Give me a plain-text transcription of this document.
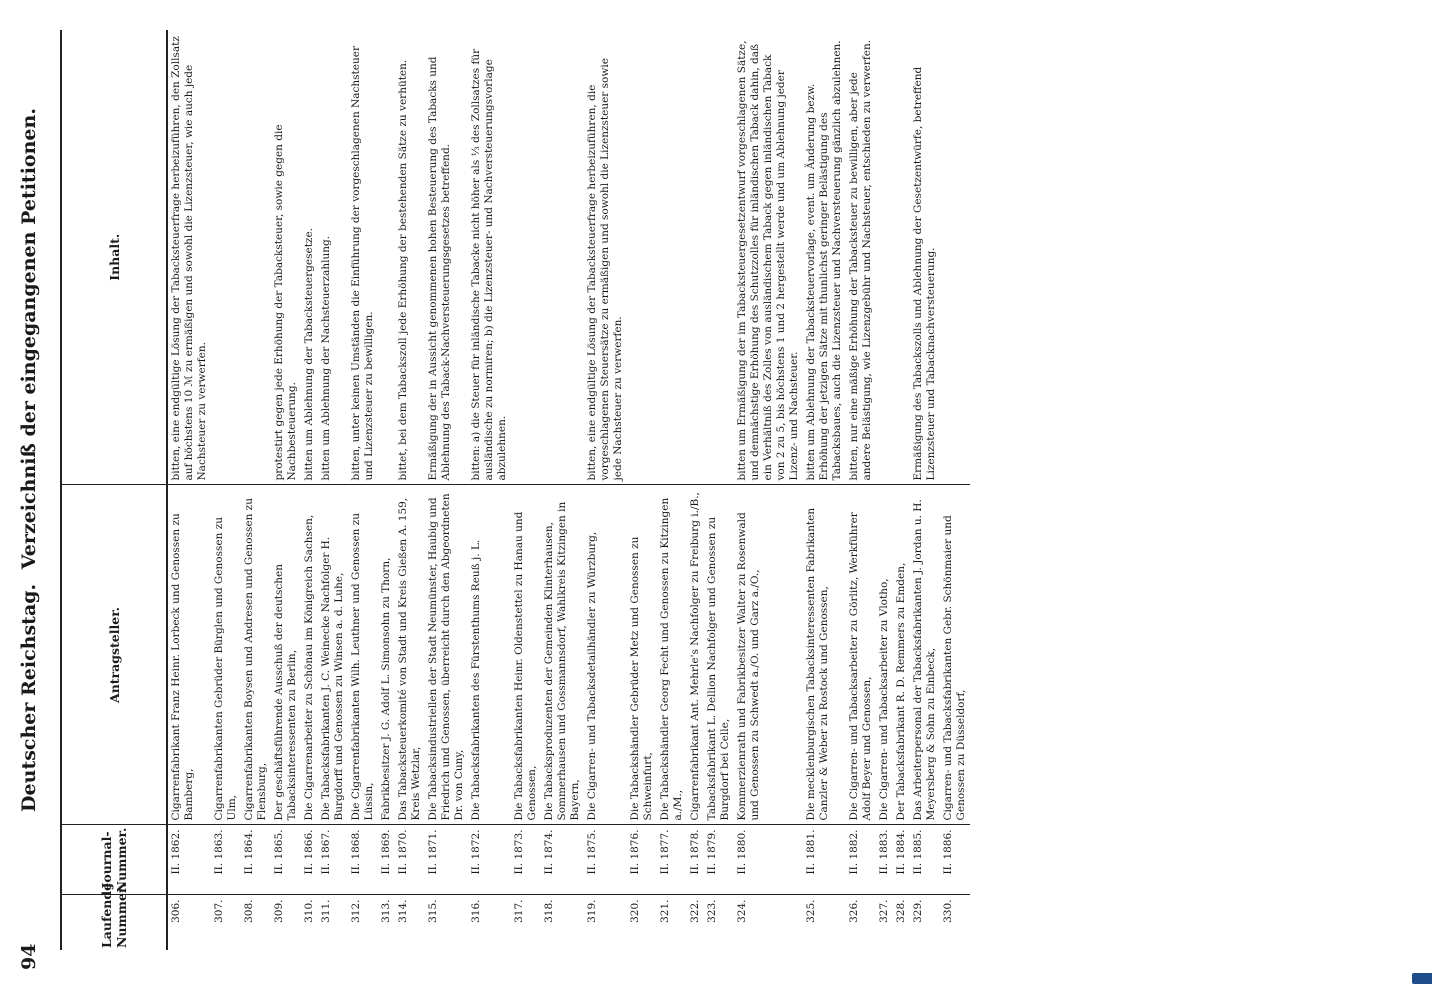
94
Deutscher Reichstag. Verzeichniß der eingegangenen Petitionen.
Laufende Nummer.	Journal-Nummer.	Antragsteller.	Inhalt.
306.	II. 1862.	Cigarrenfabrikant Franz Heinr. Lorbeck und Genossen zu Bamberg,	bitten, eine endgültige Lösung der Tabacksteuerfrage herbeizuführen, den Zollsatz auf höchstens 10 ℳ zu ermäßigen und sowohl die Lizenzsteuer, wie auch jede Nachsteuer zu verwerfen.
307.	II. 1863.	Cigarrenfabrikanten Gebrüder Bürglen und Genossen zu Ulm,	
308.	II. 1864.	Cigarrenfabrikanten Boysen und Andresen und Genossen zu Flensburg,	
309.	II. 1865.	Der geschäftsführende Ausschuß der deutschen Tabacksinteressenten zu Berlin,	protestirt gegen jede Erhöhung der Tabacksteuer, sowie gegen die Nachbesteuerung.
310.	II. 1866.	Die Cigarrenarbeiter zu Schönau im Königreich Sachsen,	bitten um Ablehnung der Tabacksteuergesetze.
311.	II. 1867.	Die Tabacksfabrikanten J. C. Weinecke Nachfolger H. Burgdorff und Genossen zu Winsen a. d. Luhe,	bitten um Ablehnung der Nachsteuerzahlung.
312.	II. 1868.	Die Cigarrenfabrikanten Wilh. Leuthner und Genossen zu Lüssin,	bitten, unter keinen Umständen die Einführung der vorgeschlagenen Nachsteuer und Lizenzsteuer zu bewilligen.
313.	II. 1869.	Fabrikbesitzer J. G. Adolf L. Simonsohn zu Thorn,	
314.	II. 1870.	Das Tabacksteuerkomité von Stadt und Kreis Gießen A. 159, Kreis Wetzlar,	bittet, bei dem Tabackszoll jede Erhöhung der bestehenden Sätze zu verhüten.
315.	II. 1871.	Die Tabacksindustriellen der Stadt Neumünster, Haubig und Friedrich und Genossen, überreicht durch den Abgeordneten Dr. von Cuny,	Ermäßigung der in Aussicht genommenen hohen Besteuerung des Tabacks und Ablehnung des Taback-Nachversteuerungsgesetzes betreffend.
316.	II. 1872.	Die Tabacksfabrikanten des Fürstenthums Reuß j. L.	bitten: a) die Steuer für inländische Tabacke nicht höher als ⅓ des Zollsatzes für ausländische zu normiren; b) die Lizenzsteuer- und Nachversteuerungsvorlage abzulehnen.
317.	II. 1873.	Die Tabacksfabrikanten Heinr. Oldenstettel zu Hanau und Genossen,	
318.	II. 1874.	Die Tabacksproduzenten der Gemeinden Klinterhausen, Sommerhausen und Gossmannsdorf, Wahlkreis Kitzingen in Bayern,	
319.	II. 1875.	Die Cigarren- und Tabacksdetailhändler zu Würzburg,	bitten, eine endgültige Lösung der Tabacksteuerfrage herbeizuführen, die vorgeschlagenen Steuersätze zu ermäßigen und sowohl die Lizenzsteuer sowie jede Nachsteuer zu verwerfen.
320.	II. 1876.	Die Tabackshändler Gebrüder Metz und Genossen zu Schweinfurt,	
321.	II. 1877.	Die Tabackshändler Georg Fecht und Genossen zu Kitzingen a./M.,	
322.	II. 1878.	Cigarrenfabrikant Ant. Mehrle's Nachfolger zu Freiburg i./B.,	
323.	II. 1879.	Tabacksfabrikant L. Dellion Nachfolger und Genossen zu Burgdorf bei Celle,	
324.	II. 1880.	Kommerzienrath und Fabrikbesitzer Walter zu Rosenwald und Genossen zu Schwedt a./O. und Garz a./O.,	bitten um Ermäßigung der im Tabacksteuergesetzentwurf vorgeschlagenen Sätze, und demnächstige Erhöhung des Schutzzolles für inländischen Taback dahin, daß ein Verhältniß des Zolles von ausländischem Taback gegen inländischen Taback von 2 zu 5, bis höchstens 1 und 2 hergestellt werde und um Ablehnung jeder Lizenz- und Nachsteuer.
325.	II. 1881.	Die mecklenburgischen Tabacksinteressenten Fabrikanten Canzler & Weber zu Rostock und Genossen,	bitten um Ablehnung der Tabacksteuervorlage, event. um Änderung bezw. Erhöhung der jetzigen Sätze mit thunlichst geringer Belästigung des Tabacksbaues, auch die Lizenzsteuer und Nachversteuerung gänzlich abzulehnen.
326.	II. 1882.	Die Cigarren- und Tabacksarbeiter zu Görlitz, Werkführer Adolf Beyer und Genossen,	bitten, nur eine mäßige Erhöhung der Tabacksteuer zu bewilligen, aber jede andere Belästigung, wie Lizenzgebühr und Nachsteuer, entschieden zu verwerfen.
327.	II. 1883.	Die Cigarren- und Tabacksarbeiter zu Vlotho,	
328.	II. 1884.	Der Tabacksfabrikant R. D. Remmers zu Emden,	
329.	II. 1885.	Das Arbeiterpersonal der Tabacksfabrikanten J. Jordan u. H. Meyersberg & Sohn zu Einbeck,	Ermäßigung des Tabackszolls und Ablehnung der Gesetzentwürfe, betreffend Lizenzsteuer und Tabacknachversteuerung.
330.	II. 1886.	Cigarren- und Tabacksfabrikanten Gebr. Schönmaier und Genossen zu Düsseldorf,	
